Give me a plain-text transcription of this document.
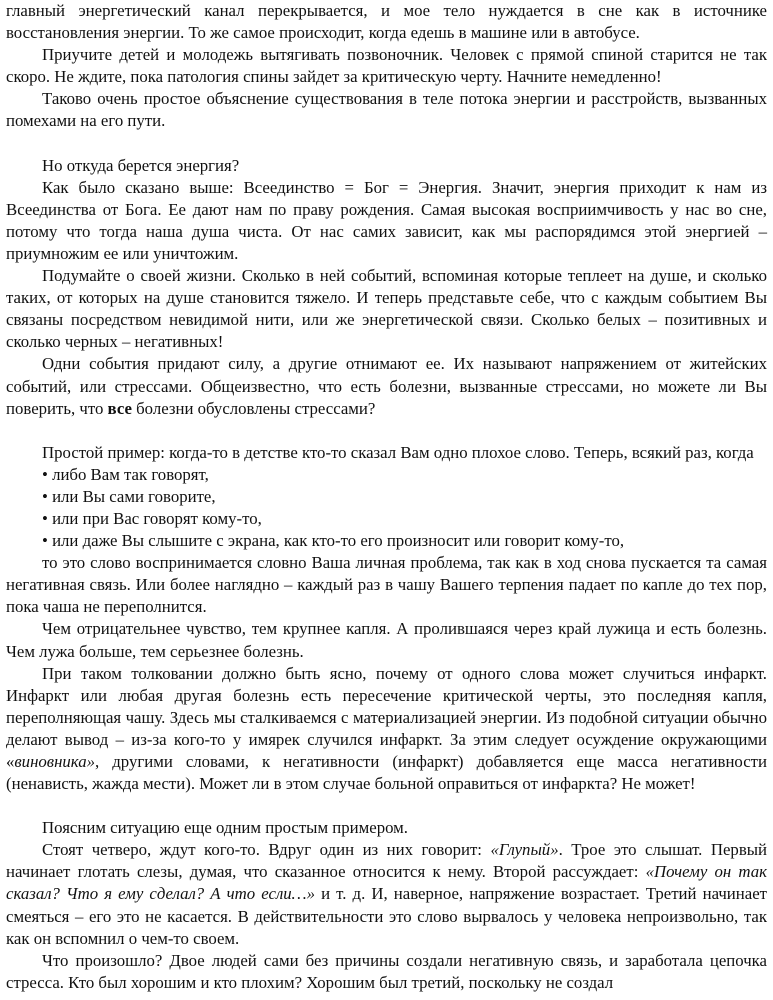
главный энергетический канал перекрывается, и мое тело нуждается в сне как в источнике восстановления энергии. То же самое происходит, когда едешь в машине или в автобусе.

Приучите детей и молодежь вытягивать позвоночник. Человек с прямой спиной старится не так скоро. Не ждите, пока патология спины зайдет за критическую черту. Начните немедленно!

Таково очень простое объяснение существования в теле потока энергии и расстройств, вызванных помехами на его пути.

Но откуда берется энергия?

Как было сказано выше: Всеединство = Бог = Энергия. Значит, энергия приходит к нам из Всеединства от Бога. Ее дают нам по праву рождения. Самая высокая восприимчивость у нас во сне, потому что тогда наша душа чиста. От нас самих зависит, как мы распорядимся этой энергией – приумножим ее или уничтожим.

Подумайте о своей жизни. Сколько в ней событий, вспоминая которые теплеет на душе, и сколько таких, от которых на душе становится тяжело. И теперь представьте себе, что с каждым событием Вы связаны посредством невидимой нити, или же энергетической связи. Сколько белых – позитивных и сколько черных – негативных!

Одни события придают силу, а другие отнимают ее. Их называют напряжением от житейских событий, или стрессами. Общеизвестно, что есть болезни, вызванные стрессами, но можете ли Вы поверить, что все болезни обусловлены стрессами?

Простой пример: когда-то в детстве кто-то сказал Вам одно плохое слово. Теперь, всякий раз, когда

• либо Вам так говорят,
• или Вы сами говорите,
• или при Вас говорят кому-то,
• или даже Вы слышите с экрана, как кто-то его произносит или говорит кому-то,

то это слово воспринимается словно Ваша личная проблема, так как в ход снова пускается та самая негативная связь. Или более наглядно – каждый раз в чашу Вашего терпения падает по капле до тех пор, пока чаша не переполнится.

Чем отрицательнее чувство, тем крупнее капля. А пролившаяся через край лужица и есть болезнь. Чем лужа больше, тем серьезнее болезнь.

При таком толковании должно быть ясно, почему от одного слова может случиться инфаркт. Инфаркт или любая другая болезнь есть пересечение критической черты, это последняя капля, переполняющая чашу. Здесь мы сталкиваемся с материализацией энергии. Из подобной ситуации обычно делают вывод – из-за кого-то у имярек случился инфаркт. За этим следует осуждение окружающими «виновника», другими словами, к негативности (инфаркт) добавляется еще масса негативности (ненависть, жажда мести). Может ли в этом случае больной оправиться от инфаркта? Не может!

Поясним ситуацию еще одним простым примером.

Стоят четверо, ждут кого-то. Вдруг один из них говорит: «Глупый». Трое это слышат. Первый начинает глотать слезы, думая, что сказанное относится к нему. Второй рассуждает: «Почему он так сказал? Что я ему сделал? А что если…» и т. д. И, наверное, напряжение возрастает. Третий начинает смеяться – его это не касается. В действительности это слово вырвалось у человека непроизвольно, так как он вспомнил о чем-то своем.

Что произошло? Двое людей сами без причины создали негативную связь, и заработала цепочка стресса. Кто был хорошим и кто плохим? Хорошим был третий, поскольку не создал
